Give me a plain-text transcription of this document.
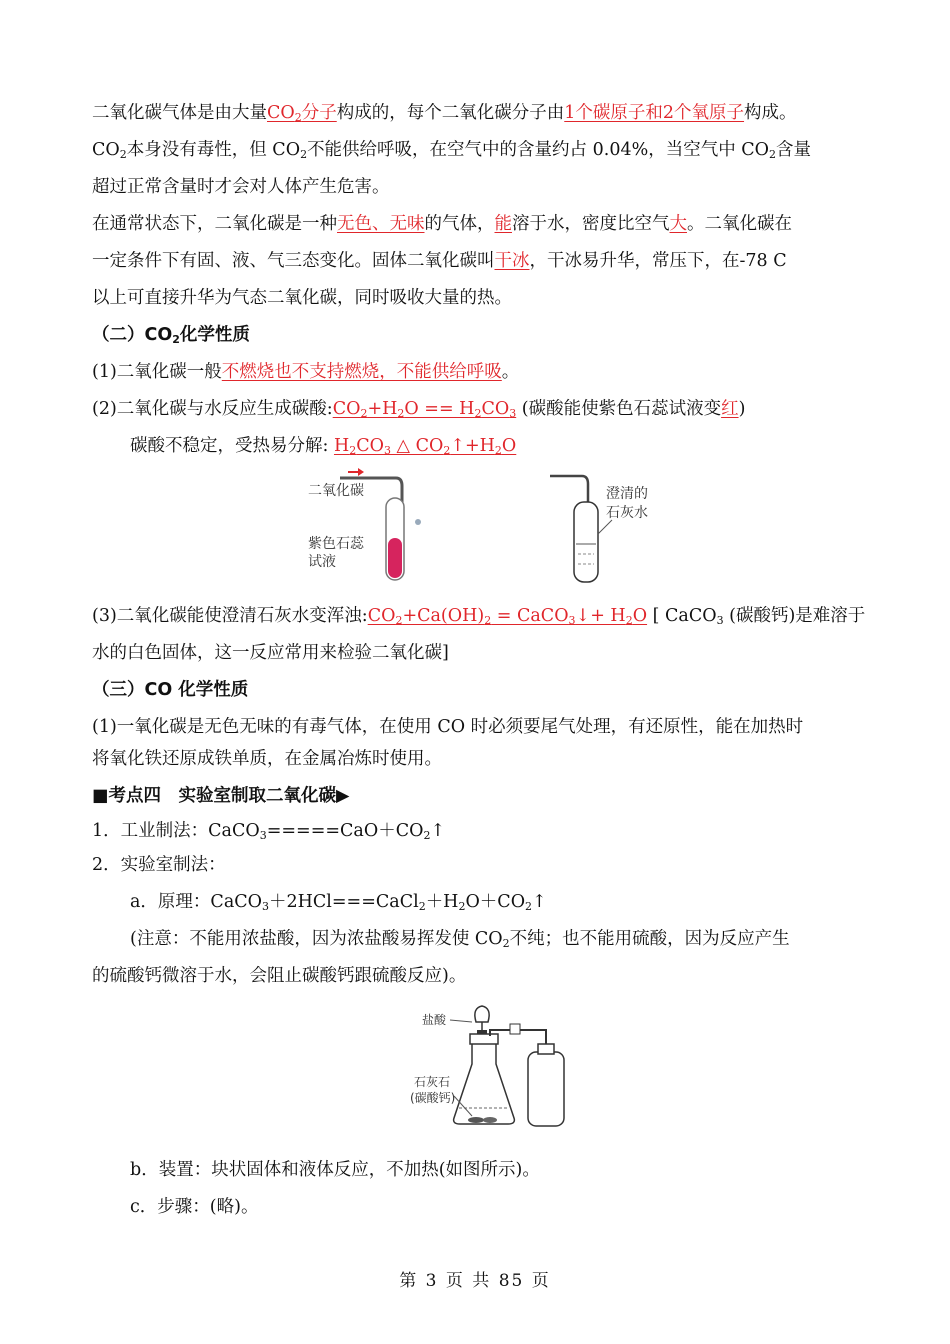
二氧化碳气体是由大量$CO_2$分子构成的，每个二氧化碳分子由1个碳原子和2个氧原子构成。
$CO_2$本身没有毒性，但 $CO_2$不能供给呼吸，在空气中的含量约占 0.04%，当空气中 $CO_2$含量
超过正常含量时才会对人体产生危害。
在通常状态下，二氧化碳是一种无色、无味的气体，能溶于水，密度比空气大。二氧化碳在
一定条件下有固、液、气三态变化。固体二氧化碳叫干冰，干冰易升华，常压下，在-78 C
以上可直接升华为气态二氧化碳，同时吸收大量的热。
（二）$CO_2$化学性质
(1)二氧化碳一般不燃烧也不支持燃烧，不能供给呼吸。
(2)二氧化碳与水反应生成碳酸$:CO_2+H_2O == H_2CO_3$ (碳酸能使紫色石蕊试液变红)
碳酸不稳定，受热易分解: $H_2CO_3$ △ $CO_2↑+H_2O$
二氧化碳
紫色石蕊
试液
澄清的
石灰水
(3)二氧化碳能使澄清石灰水变浑浊$:CO_2+Ca(OH)_2$ = CaCO$_3$↓+ $H_2O$ [ CaCO$_3$ (碳酸钙)是难溶于
水的白色固体，这一反应常用来检验二氧化碳]
（三）CO 化学性质
(1)一氧化碳是无色无味的有毒气体，在使用 CO 时必须要尾气处理，有还原性，能在加热时
将氧化铁还原成铁单质，在金属冶炼时使用。
■考点四　实验室制取二氧化碳▶
1．工业制法：$CaCO_3=====CaO+CO_2↑$
2．实验室制法：
a．原理：$CaCO_3+2HCl===CaCl_2+H_2O+CO_2↑$
(注意：不能用浓盐酸，因为浓盐酸易挥发使 $CO_2$不纯；也不能用硫酸，因为反应产生
的硫酸钙微溶于水，会阻止碳酸钙跟硫酸反应)。
盐酸
石灰石
(碳酸钙)
b．装置：块状固体和液体反应，不加热(如图所示)。
c．步骤：(略)。
第 3 页 共 85 页
